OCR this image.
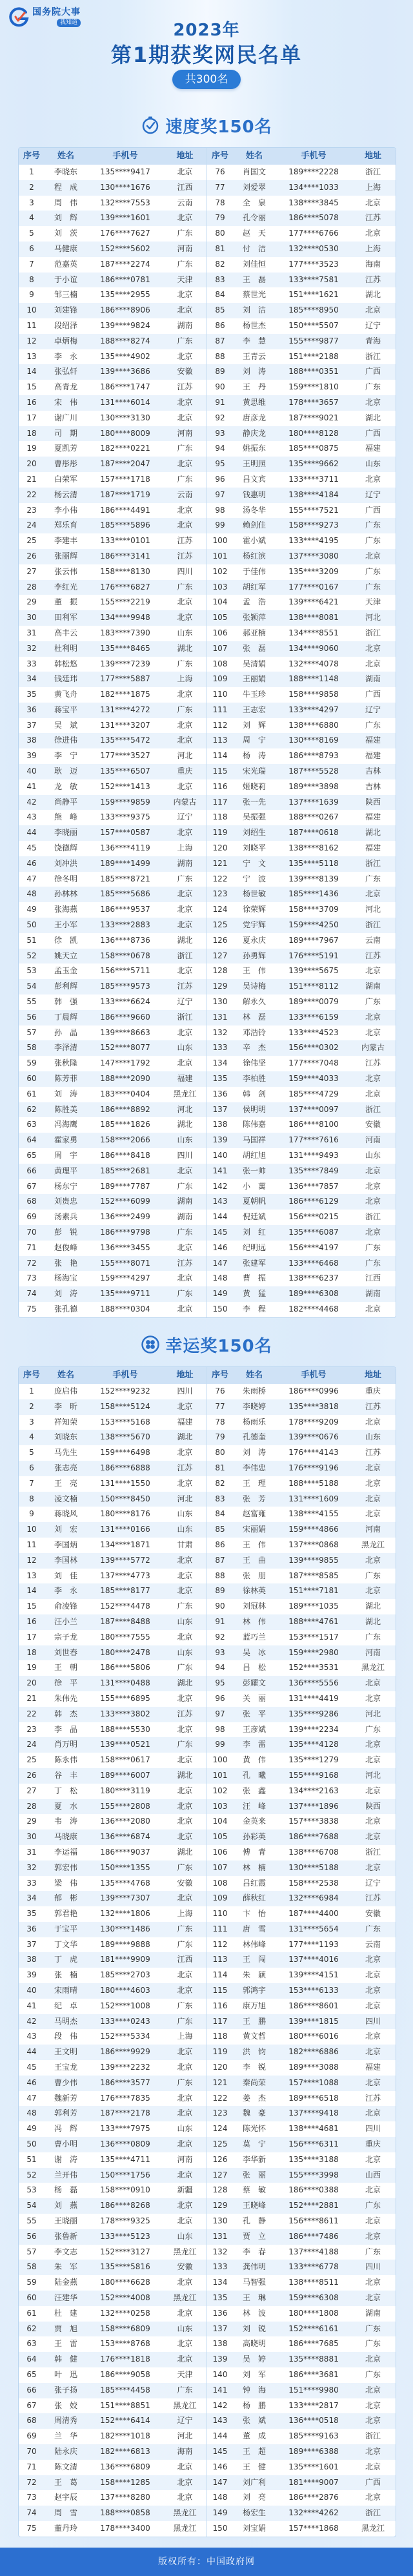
国务院大事
我知道	2023年
第1期获奖网民名单
共300名
速度奖150名
序号	姓名	手机号	地址	序号	姓名	手机号	地址
1	李晓东	135****9417	北京	76	肖国文	189****2228	浙江
2	程　成	130****1676	江西	77	刘爱翠	134****1033	上海
3	周　伟	132****7553	云南	78	全　泉	138****3845	北京
4	刘　辉	139****1601	北京	79	孔令丽	186****5078	江苏
5	刘　茨	176****7627	广东	80	赵　天	177****6766	北京
6	马健康	152****5602	河南	81	付　洁	132****0530	上海
7	范嘉英	187****2274	广东	82	刘佳恒	177****3523	海南
8	于小谊	186****0781	天津	83	王　磊	133****7581	江苏
9	邹三楠	135****2955	北京	84	蔡世光	151****1621	湖北
10	刘建锋	186****8906	北京	85	刘　洁	185****8950	北京
11	段绍泽	139****9824	湖南	86	杨世杰	150****5507	辽宁
12	卓炳梅	188****8274	广东	87	李　慧	155****9877	青海
13	李　永	135****4902	北京	88	王青云	151****2188	浙江
14	张弘轩	139****3686	安徽	89	刘　涛	188****0351	广西
15	高青龙	186****1747	江苏	90	王　丹	159****1810	广东
16	宋　伟	131****6014	北京	91	黄思维	178****3657	北京
17	谢广川	130****3130	北京	92	唐彦龙	187****9021	湖北
18	司　期	180****8009	河南	93	静庆龙	180****8128	广西
19	夏凯芳	182****0221	广东	94	姚振东	185****0875	福建
20	曹彤彤	187****2047	北京	95	王明照	135****9662	山东
21	白荣军	157****1718	广东	96	吕文宾	133****3711	北京
22	杨云清	187****1719	云南	97	钱惠明	138****4184	辽宁
23	李小伟	186****4491	北京	98	汤冬华	155****7521	广西
24	郑乐育	185****5896	北京	99	赖剑佳	158****9273	广东
25	李建丰	133****0101	江苏	100	霍小斌	133****4195	广东
26	张丽辉	186****3141	江苏	101	杨红滨	137****3080	北京
27	张云伟	158****8130	四川	102	于佳伟	135****3209	广东
28	李红光	176****6827	广东	103	胡红军	177****0167	广东
29	董　振	155****2219	北京	104	孟　浩	139****6421	天津
30	田利军	134****9948	北京	105	张颖萍	138****8081	河北
31	高丰云	183****7390	山东	106	郝亚楠	134****8551	浙江
32	杜利明	135****8465	湖北	107	张　磊	134****9060	北京
33	韩松悠	139****7239	广东	108	吴清娟	132****4078	北京
34	钱廷玮	177****5887	上海	109	王丽娟	188****1148	湖南
35	黄飞舟	182****1875	北京	110	牛玉珍	158****9858	广西
36	蒋宝平	131****4272	广东	111	王志宏	133****4297	辽宁
37	吴　斌	131****3207	北京	112	刘　辉	138****6880	广东
38	徐进伟	135****5472	北京	113	周　宁	130****8169	福建
39	李　宁	177****3527	河北	114	杨　涛	186****8793	福建
40	耿　迈	135****6507	重庆	115	宋光瑞	187****5528	吉林
41	龙　敏	152****1413	北京	116	姬晓莉	189****3898	吉林
42	尚静平	159****9859	内蒙古	117	张一先	137****1639	陕西
43	熊　峰	133****9375	辽宁	118	吴振强	188****0267	福建
44	李晓丽	157****0587	北京	119	刘绍生	187****0618	湖北
45	饶德辉	136****4119	上海	120	刘晓平	138****8162	福建
46	刘冲洪	189****1499	湖南	121	宁　文	135****5118	浙江
47	徐冬明	185****8721	广东	122	宁　波	139****8139	广东
48	孙林林	185****5686	北京	123	杨世敏	185****1436	北京
49	张海燕	186****9537	北京	124	徐荣辉	158****3709	河北
50	王小军	133****2883	北京	125	党宇辉	159****4250	浙江
51	徐　凯	136****8736	湖北	126	夏永庆	189****7967	云南
52	姚天立	158****0678	浙江	127	孙勇辉	176****5191	江苏
53	孟玉金	156****5711	北京	128	王　伟	139****5675	北京
54	彭利辉	185****9573	江苏	129	吴诗梅	151****8112	湖南
55	韩　强	133****6624	辽宁	130	解永久	189****0079	广东
56	丁晨辉	186****9660	浙江	131	林　磊	133****6159	北京
57	孙　晶	139****8663	北京	132	邓浩铃	133****4523	北京
58	李泽清	152****8077	山东	133	辛　杰	156****0302	内蒙古
59	张秋隆	147****1792	北京	134	徐伟坚	177****7048	江苏
60	陈芳菲	188****2090	福建	135	李柏胜	159****4033	北京
61	刘　涛	183****0404	黑龙江	136	韩　剑	185****4729	北京
62	陈胜美	186****8892	河北	137	侯明明	137****0097	浙江
63	冯海鹰	185****1826	湖北	138	陈伟嘉	186****8100	安徽
64	霍家勇	158****2066	山东	139	马国祥	177****7616	河南
65	周　宇	186****8418	四川	140	胡红旭	131****9493	山东
66	黄理平	185****2681	北京	141	张一帅	135****7849	北京
67	杨东宁	189****7787	广东	142	小　萬	136****7857	北京
68	刘贵忠	152****6099	湖南	143	夏朝帆	186****6129	北京
69	汤素兵	136****2499	湖南	144	倪廷斌	156****0215	浙江
70	彭　锐	186****9798	广东	145	刘　红	135****6087	北京
71	赵俊峰	136****3455	北京	146	纪明远	156****4197	广东
72	张　艳	155****8071	江苏	147	张建军	133****6468	广东
73	杨海宝	159****4297	北京	148	曹　振	138****6237	江西
74	刘　涛	135****9711	广东	149	黄　猛	189****6308	湖南
75	张孔德	188****0304	北京	150	李　程	182****4468	北京
幸运奖150名
序号	姓名	手机号	地址	序号	姓名	手机号	地址
1	庞启伟	152****9232	四川	76	朱雨桥	186****0996	重庆
2	李　昕	158****5124	北京	77	李晓婷	135****3818	江苏
3	祥知荣	153****5168	福建	78	杨雨乐	178****9209	北京
4	刘晓东	138****5670	湖北	79	孔德奎	139****0676	山东
5	马先生	159****6498	北京	80	刘　涛	176****4143	江苏
6	张志亮	186****6888	江苏	81	李伟忠	176****9196	北京
7	王　亮	131****1550	北京	82	王　理	188****5188	北京
8	凌文楠	150****8450	河北	83	张　芳	131****1609	北京
9	蒋晓风	180****8176	山东	84	赵富雍	138****4155	北京
10	刘　宏	131****0166	山东	85	宋丽娟	159****4866	河南
11	李国炳	134****1871	甘肃	86	王　伟	137****0868	黑龙江
12	李国林	139****5772	北京	87	王　曲	139****9855	北京
13	刘　佳	137****4773	北京	88	张　朋	187****8585	广东
14	李　永	185****8177	北京	89	徐林英	151****7181	北京
15	俞凌锋	152****4478	广东	90	刘冠林	189****1035	湖北
16	汪小兰	187****8488	山东	91	林　伟	188****4761	湖北
17	宗子龙	180****7555	北京	92	蓝巧兰	153****1517	广东
18	刘世春	180****2478	山东	93	吴　冰	159****2980	河南
19	王　朝	186****5806	广东	94	吕　松	152****3531	黑龙江
20	徐　平	131****0488	湖北	95	彭耀文	136****5556	北京
21	朱伟先	155****6895	北京	96	关　丽	131****4419	北京
22	韩　杰	133****3802	江苏	97	张　平	135****9286	河北
23	李　晶	188****5530	北京	98	王彦斌	139****2234	广东
24	肖万明	139****0521	广东	99	李　雷	135****4128	北京
25	陈永伟	158****0617	北京	100	黄　伟	135****1279	北京
26	谷　丰	189****6007	湖北	101	孔　曦	155****9168	河北
27	丁　松	180****3119	北京	102	张　鑫	134****2163	北京
28	夏　水	155****2808	北京	103	汪　峰	137****1896	陕西
29	韦　涛	136****2080	北京	104	金英来	157****3838	北京
30	马晓康	136****6874	北京	105	孙彩英	186****7688	北京
31	李运福	186****9037	湖北	106	傅　青	138****6708	浙江
32	郭宏伟	150****1355	广东	107	林　楠	130****5188	北京
33	梁　伟	135****4768	安徽	108	吕红霞	158****2538	辽宁
34	郁　彬	139****7307	北京	109	薛秋红	132****6984	江苏
35	郭君艳	132****1806	上海	110	卞　怡	187****4400	安徽
36	于宝平	130****1486	广东	111	唐　雪	131****5654	广东
37	丁文华	189****9888	广东	112	林伟峰	177****1193	云南
38	丁　虎	181****9909	江西	113	王　闯	137****4016	北京
39	张　楠	185****2703	北京	114	朱　颖	139****4151	北京
40	宋雨晴	180****4603	北京	115	郭鸿宇	153****6133	北京
41	纪　卓	152****1008	广东	116	康万旭	186****8601	北京
42	马明杰	133****0243	广东	117	王　鹏	139****1815	四川
43	段　伟	152****5334	上海	118	黄文哲	180****6016	北京
44	王文明	186****9929	北京	119	洪　钧	182****6886	北京
45	王宝龙	139****2232	北京	120	李　锐	189****3088	福建
46	曹少伟	186****3577	广东	121	秦尚荣	157****1088	北京
47	魏新芳	176****7835	北京	122	姜　杰	189****6518	江苏
48	郭利芳	187****2178	北京	123	魏　豪	137****9418	北京
49	冯　辉	133****7975	山东	124	陈光怀	138****4681	四川
50	曹小明	136****0809	北京	125	莫　宁	156****6311	重庆
51	谢　涛	135****4711	河南	126	李华新	135****3188	北京
52	兰开伟	150****1756	北京	127	张　丽	155****3998	山西
53	杨　磊	158****0910	新疆	128	蔡　敏	186****0388	北京
54	刘　燕	186****8268	北京	129	王晓峰	152****2881	广东
55	王晓丽	178****9325	北京	130	孔　静	156****8611	北京
56	张鲁新	133****5123	山东	131	贾　立	186****7486	北京
57	李文志	152****3127	黑龙江	132	李　春	137****4188	广东
58	朱　军	135****5816	安徽	133	龚伟明	133****6778	四川
59	陆金燕	180****6628	北京	134	马智强	138****8511	北京
60	汪建华	152****4008	黑龙江	135	王　琳	159****6308	北京
61	杜　建	132****0258	北京	136	林　波	180****1808	湖南
62	贾　旭	158****6809	山东	137	刘　锐	152****6161	广东
63	王　雷	153****8768	北京	138	高晓明	186****7685	广东
64	韩　健	176****1818	北京	139	吴　婷	135****8881	北京
65	叶　迅	186****9058	天津	140	刘　军	186****3681	广东
66	张子扬	185****4458	广东	141	钟　海	151****9980	北京
67	张　姣	151****8851	黑龙江	142	杨　鹏	133****2817	北京
68	周清秀	152****6414	辽宁	143	张　斌	136****0518	北京
69	兰　华	182****1018	河北	144	董　成	185****9163	浙江
70	陆永庆	182****6813	海南	145	王　超	189****6388	北京
71	陈文清	136****6809	北京	146	王　健	135****1601	北京
72	王　葛	158****1285	北京	147	刘广利	181****9007	广西
73	赵宇辰	137****8280	北京	148	刘　亮	186****2876	北京
74	周　雪	188****0858	黑龙江	149	杨宏生	132****4262	浙江
75	董丹玲	178****3400	黑龙江	150	刘宝娟	157****1868	黑龙江
版权所有：中国政府网
